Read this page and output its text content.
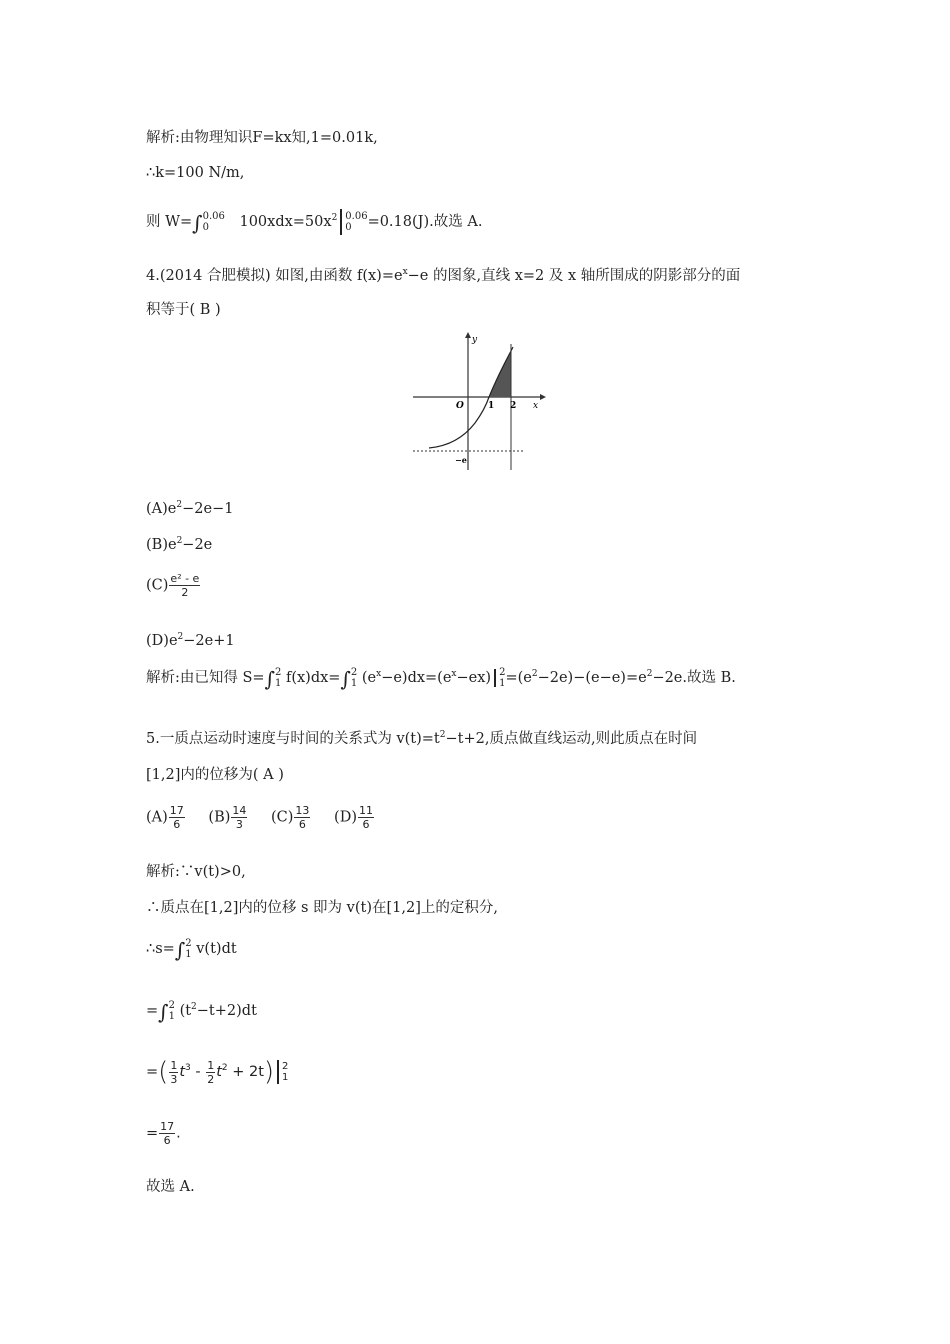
解析:由物理知识F=kx知,1=0.01k,
∴k=100 N/m,
则 W=∫0.06
0 $100xdx=50x^2$ 0.06
0 =0.18(J).故选 A.
4.(2014 合肥模拟) 如图,由函数 $f(x)=e^x-e$ 的图象,直线 x=2 及 x 轴所围成的阴影部分的面
积等于( B )
y
x
O	1 2
−e
$(A)e^2-2e-1$
$(B)e^2-2e$
$(C) \frac{\text{e² - e}}{2}$
$(D)e^2-2e+1$
解析:由已知得 S=∫2
1 f(x)dx=∫2
1 $(e^x-e)dx=(e^x-ex)$ 2
$1=(e^2-2e)-(e-e)=e^2-2e$.故选 B.
5.一质点运动时速度与时间的关系式为 $v(t)=t^2-t+2$,质点做直线运动,则此质点在时间
[1,2]内的位移为( A )
$(A) \frac{17}{6} (B) \frac{14}{3} (C) \frac{13}{6} (D) \frac{11}{6}$
解析:∵v(t)>0,
∴质点在[1,2]内的位移 s 即为 v(t)在[1,2]上的定积分,
∴s=∫2
1 v(t)dt
=∫2
1 $(t^2-t+2)dt$
=( $\frac{1}{3} t^3 - \frac{1}{2} t^2 + 2t$) 2
1
= $\frac{17}{6}$ .
故选 A.
